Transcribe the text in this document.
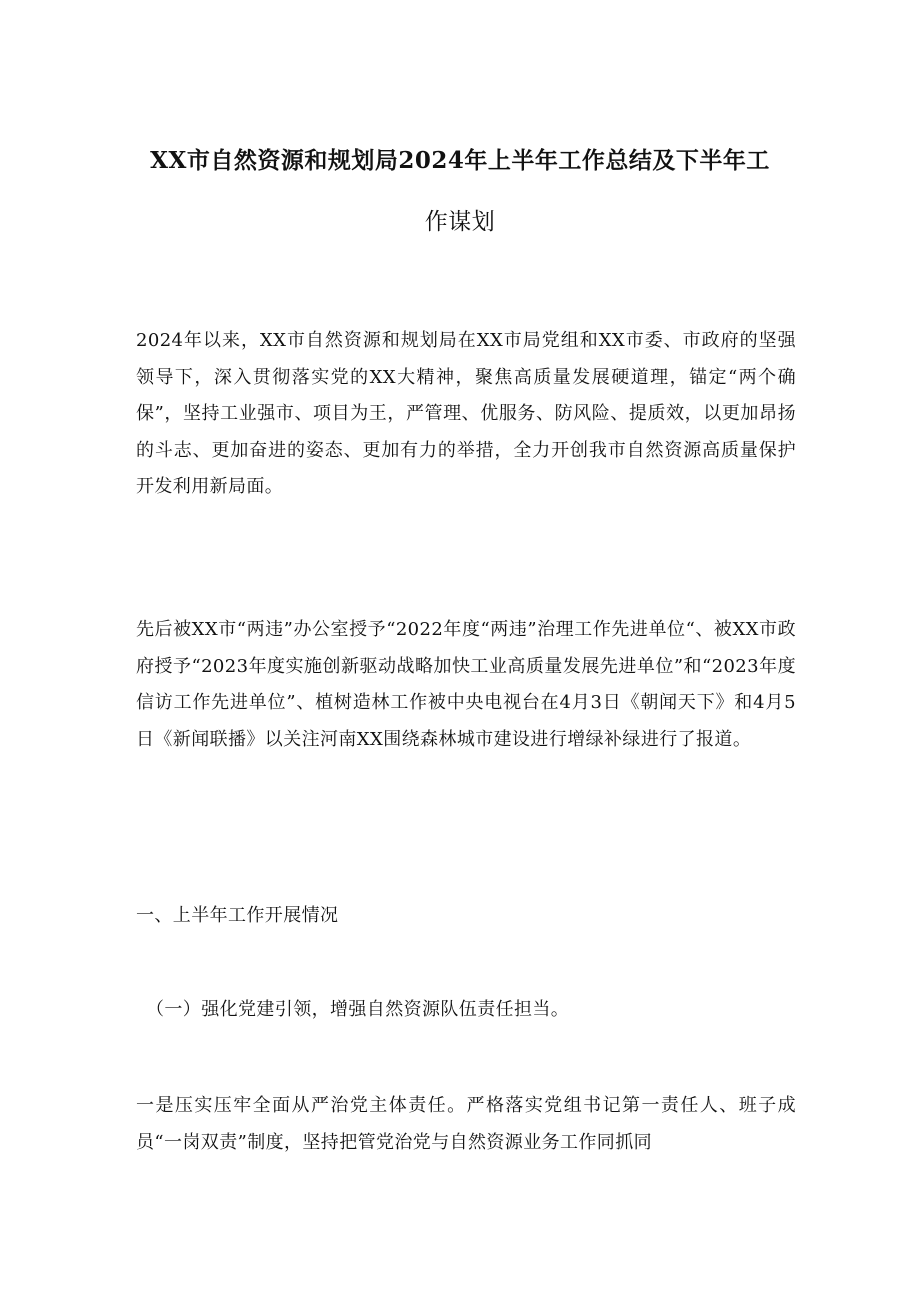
XX市自然资源和规划局2024年上半年工作总结及下半年工
作谋划

2024年以来，XX市自然资源和规划局在XX市局党组和XX市委、市政府的坚强领导下，深入贯彻落实党的XX大精神，聚焦高质量发展硬道理，锚定“两个确保”，坚持工业强市、项目为王，严管理、优服务、防风险、提质效，以更加昂扬的斗志、更加奋进的姿态、更加有力的举措，全力开创我市自然资源高质量保护开发利用新局面。

先后被XX市“两违”办公室授予“2022年度“两违”治理工作先进单位“、被XX市政府授予“2023年度实施创新驱动战略加快工业高质量发展先进单位”和“2023年度信访工作先进单位”、植树造林工作被中央电视台在4月3日《朝闻天下》和4月5日《新闻联播》以关注河南XX围绕森林城市建设进行增绿补绿进行了报道。

一、上半年工作开展情况

（一）强化党建引领，增强自然资源队伍责任担当。

一是压实压牢全面从严治党主体责任。严格落实党组书记第一责任人、班子成员“一岗双责”制度，坚持把管党治党与自然资源业务工作同抓同
